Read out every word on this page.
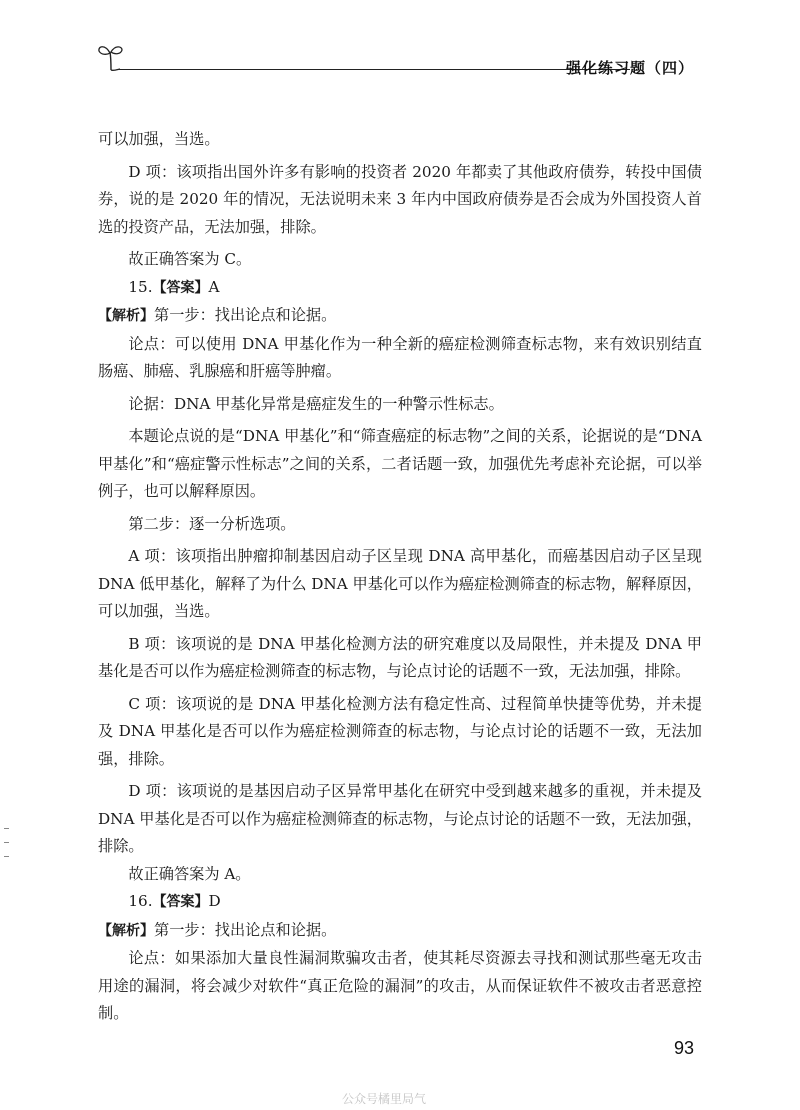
强化练习题（四）

可以加强，当选。

D 项：该项指出国外许多有影响的投资者 2020 年都卖了其他政府债券，转投中国债券，说的是 2020 年的情况，无法说明未来 3 年内中国政府债券是否会成为外国投资人首选的投资产品，无法加强，排除。

故正确答案为 C。

15.【答案】A

【解析】第一步：找出论点和论据。

论点：可以使用 DNA 甲基化作为一种全新的癌症检测筛查标志物，来有效识别结直肠癌、肺癌、乳腺癌和肝癌等肿瘤。

论据：DNA 甲基化异常是癌症发生的一种警示性标志。

本题论点说的是“DNA 甲基化”和“筛查癌症的标志物”之间的关系，论据说的是“DNA 甲基化”和“癌症警示性标志”之间的关系，二者话题一致，加强优先考虑补充论据，可以举例子，也可以解释原因。

第二步：逐一分析选项。

A 项：该项指出肿瘤抑制基因启动子区呈现 DNA 高甲基化，而癌基因启动子区呈现 DNA 低甲基化，解释了为什么 DNA 甲基化可以作为癌症检测筛查的标志物，解释原因，可以加强，当选。

B 项：该项说的是 DNA 甲基化检测方法的研究难度以及局限性，并未提及 DNA 甲基化是否可以作为癌症检测筛查的标志物，与论点讨论的话题不一致，无法加强，排除。

C 项：该项说的是 DNA 甲基化检测方法有稳定性高、过程简单快捷等优势，并未提及 DNA 甲基化是否可以作为癌症检测筛查的标志物，与论点讨论的话题不一致，无法加强，排除。

D 项：该项说的是基因启动子区异常甲基化在研究中受到越来越多的重视，并未提及 DNA 甲基化是否可以作为癌症检测筛查的标志物，与论点讨论的话题不一致，无法加强，排除。

故正确答案为 A。

16.【答案】D

【解析】第一步：找出论点和论据。

论点：如果添加大量良性漏洞欺骗攻击者，使其耗尽资源去寻找和测试那些毫无攻击用途的漏洞，将会减少对软件“真正危险的漏洞”的攻击，从而保证软件不被攻击者恶意控制。

93
公众号橘里局气
